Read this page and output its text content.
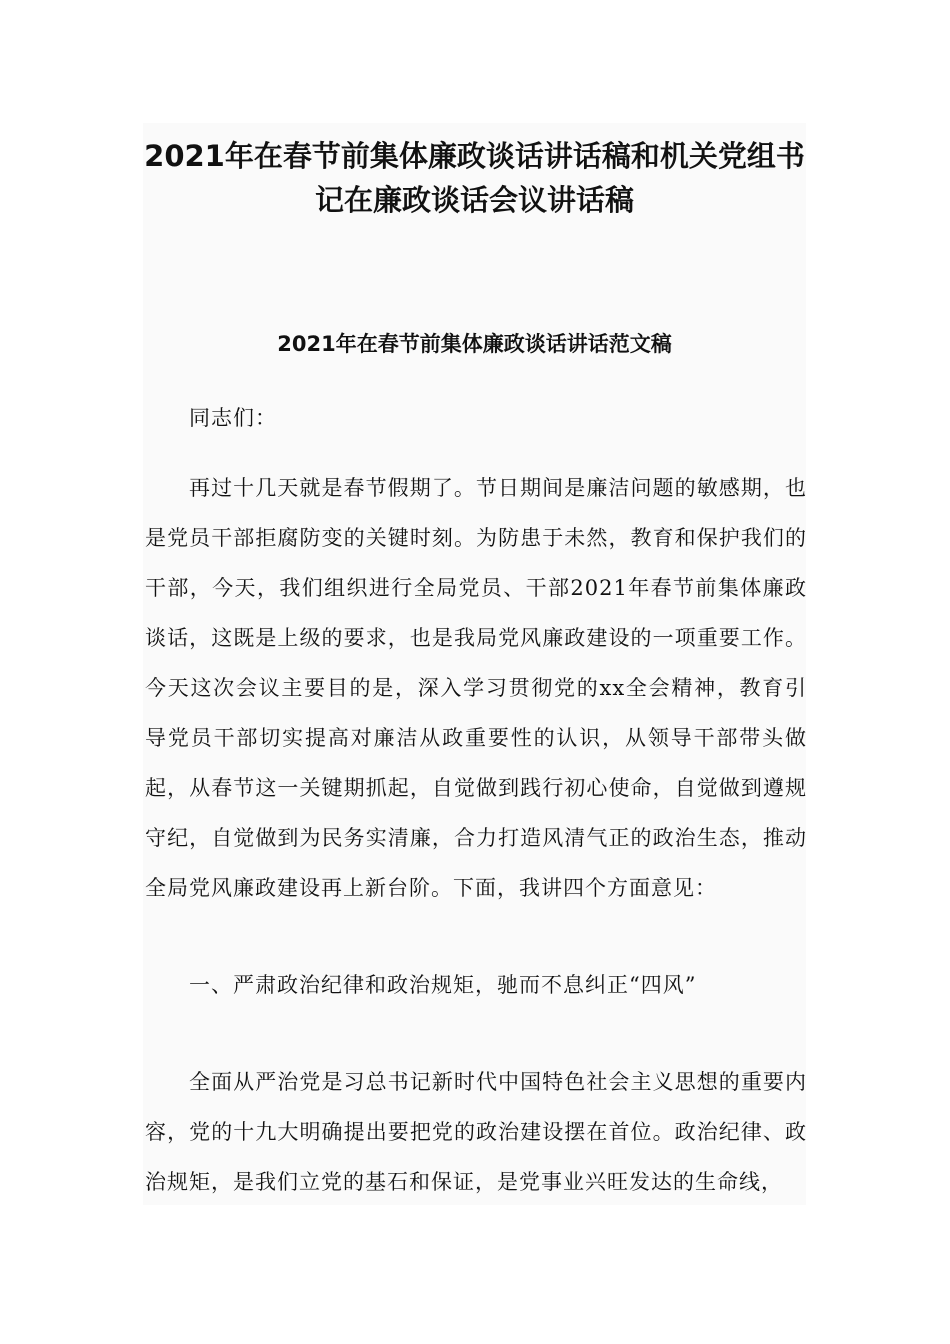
2021年在春节前集体廉政谈话讲话稿和机关党组书
记在廉政谈话会议讲话稿
2021年在春节前集体廉政谈话讲话范文稿

同志们：

再过十几天就是春节假期了。节日期间是廉洁问题的敏感期，也是党员干部拒腐防变的关键时刻。为防患于未然，教育和保护我们的干部，今天，我们组织进行全局党员、干部2021年春节前集体廉政谈话，这既是上级的要求，也是我局党风廉政建设的一项重要工作。今天这次会议主要目的是，深入学习贯彻党的xx全会精神，教育引导党员干部切实提高对廉洁从政重要性的认识，从领导干部带头做起，从春节这一关键期抓起，自觉做到践行初心使命，自觉做到遵规守纪，自觉做到为民务实清廉，合力打造风清气正的政治生态，推动全局党风廉政建设再上新台阶。下面，我讲四个方面意见：

一、严肃政治纪律和政治规矩，驰而不息纠正“四风”

全面从严治党是习总书记新时代中国特色社会主义思想的重要内容，党的十九大明确提出要把党的政治建设摆在首位。政治纪律、政治规矩，是我们立党的基石和保证，是党事业兴旺发达的生命线，
